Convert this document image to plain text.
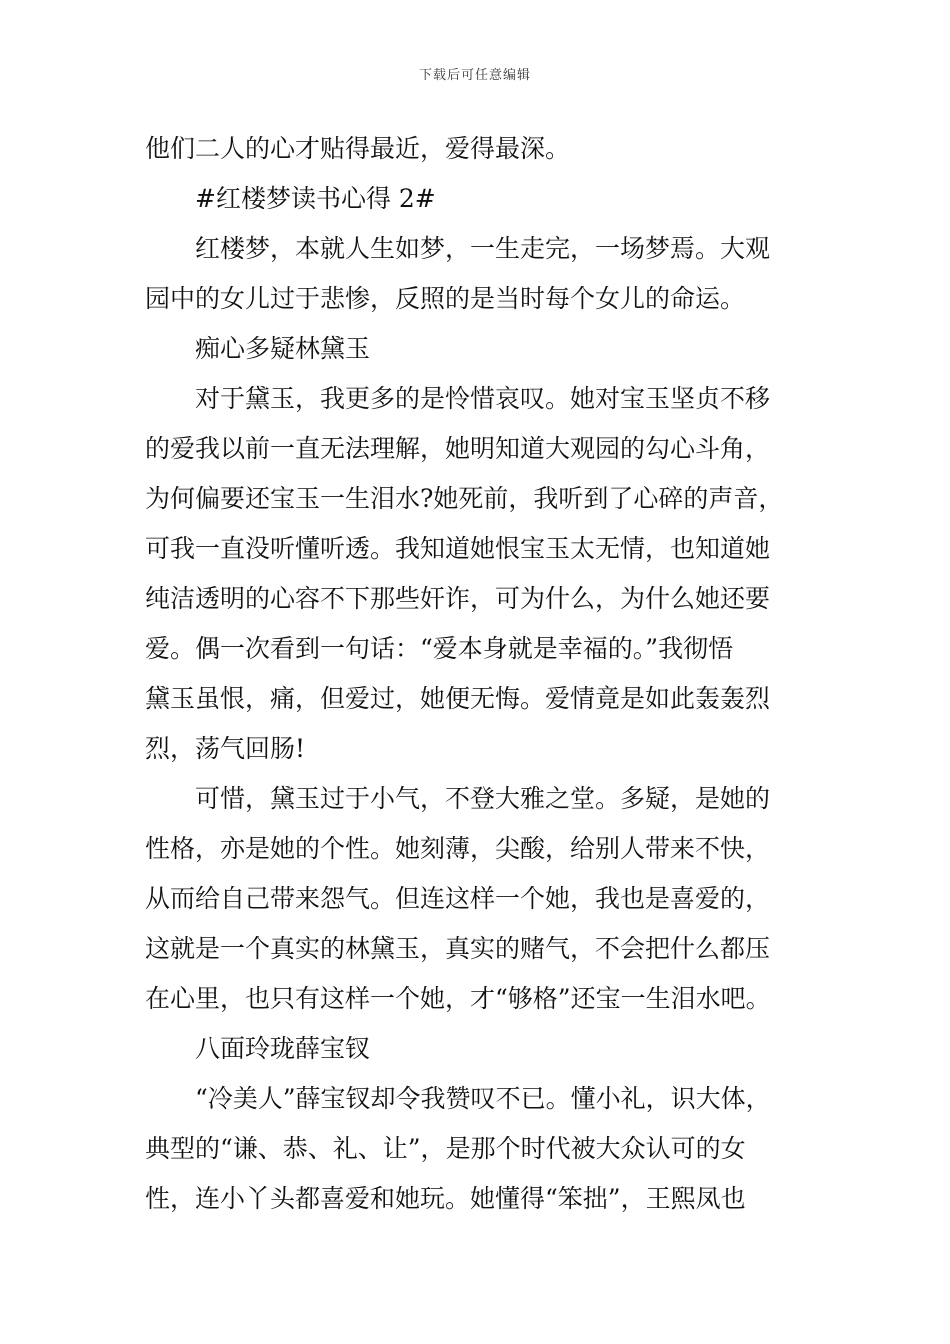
下载后可任意编辑
他们二人的心才贴得最近，爱得最深。
#红楼梦读书心得 2#
红楼梦，本就人生如梦，一生走完，一场梦焉。大观
园中的女儿过于悲惨，反照的是当时每个女儿的命运。
痴心多疑林黛玉
对于黛玉，我更多的是怜惜哀叹。她对宝玉坚贞不移
的爱我以前一直无法理解，她明知道大观园的勾心斗角，
为何偏要还宝玉一生泪水?她死前，我听到了心碎的声音，
可我一直没听懂听透。我知道她恨宝玉太无情，也知道她
纯洁透明的心容不下那些奸诈，可为什么，为什么她还要
爱。偶一次看到一句话：“爱本身就是幸福的。”我彻悟
黛玉虽恨，痛，但爱过，她便无悔。爱情竟是如此轰轰烈
烈，荡气回肠!
可惜，黛玉过于小气，不登大雅之堂。多疑，是她的
性格，亦是她的个性。她刻薄，尖酸，给别人带来不快，
从而给自己带来怨气。但连这样一个她，我也是喜爱的，
这就是一个真实的林黛玉，真实的赌气，不会把什么都压
在心里，也只有这样一个她，才“够格”还宝一生泪水吧。
八面玲珑薛宝钗
“冷美人”薛宝钗却令我赞叹不已。懂小礼，识大体，
典型的“谦、恭、礼、让”，是那个时代被大众认可的女
性，连小丫头都喜爱和她玩。她懂得“笨拙”，王熙凤也
